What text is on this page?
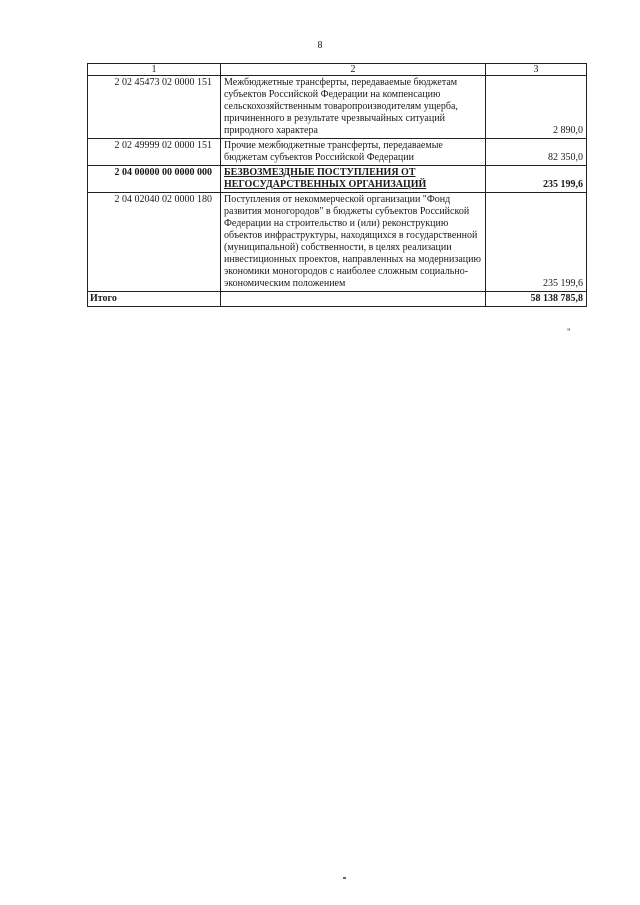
8
1	2	3
2 02 45473 02 0000 151	Межбюджетные трансферты, передаваемые бюджетам субъектов Российской Федерации на компенсацию сельскохозяйственным товаропроизводителям ущерба, причиненного в результате чрезвычайных ситуаций природного характера	2 890,0
2 02 49999 02 0000 151	Прочие межбюджетные трансферты, передаваемые бюджетам субъектов Российской Федерации	82 350,0
2 04 00000 00 0000 000	БЕЗВОЗМЕЗДНЫЕ ПОСТУПЛЕНИЯ ОТ НЕГОСУДАРСТВЕННЫХ ОРГАНИЗАЦИЙ	235 199,6
2 04 02040 02 0000 180	Поступления от некоммерческой организации "Фонд развития моногородов" в бюджеты субъектов Российской Федерации на строительство и (или) реконструкцию объектов инфраструктуры, находящихся в государственной (муниципальной) собственности, в целях реализации инвестиционных проектов, направленных на модернизацию экономики моногородов с наиболее сложным социально-экономическим положением	235 199,6
Итого		58 138 785,8
"
